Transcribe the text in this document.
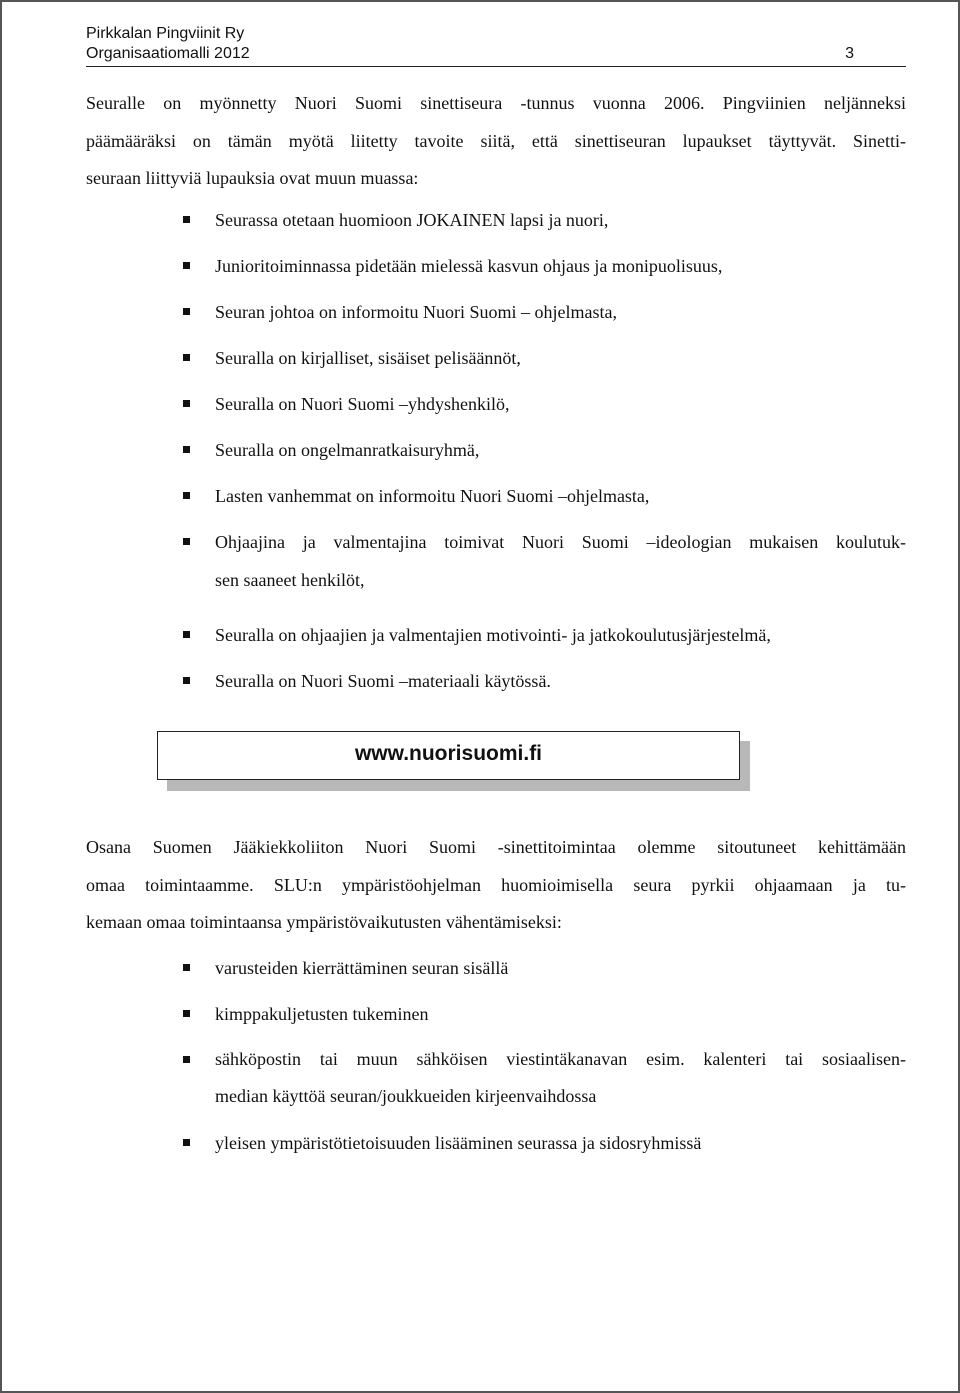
Pirkkalan Pingviinit Ry
Organisaatiomalli 2012	3
Seuralle on myönnetty Nuori Suomi sinettiseura -tunnus vuonna 2006. Pingviinien neljänneksi
päämääräksi on tämän myötä liitetty tavoite siitä, että sinettiseuran lupaukset täyttyvät. Sinetti-
seuraan liittyviä lupauksia ovat muun muassa:
Seurassa otetaan huomioon JOKAINEN lapsi ja nuori,
Junioritoiminnassa pidetään mielessä kasvun ohjaus ja monipuolisuus,
Seuran johtoa on informoitu Nuori Suomi – ohjelmasta,
Seuralla on kirjalliset, sisäiset pelisäännöt,
Seuralla on Nuori Suomi –yhdyshenkilö,
Seuralla on ongelmanratkaisuryhmä,
Lasten vanhemmat on informoitu Nuori Suomi –ohjelmasta,
Ohjaajina ja valmentajina toimivat Nuori Suomi –ideologian mukaisen koulutuk-
sen saaneet henkilöt,
Seuralla on ohjaajien ja valmentajien motivointi- ja jatkokoulutusjärjestelmä,
Seuralla on Nuori Suomi –materiaali käytössä.
www.nuorisuomi.fi
Osana Suomen Jääkiekkoliiton Nuori Suomi -sinettitoimintaa olemme sitoutuneet kehittämään
omaa toimintaamme. SLU:n ympäristöohjelman huomioimisella seura pyrkii ohjaamaan ja tu-
kemaan omaa toimintaansa ympäristövaikutusten vähentämiseksi:
varusteiden kierrättäminen seuran sisällä
kimppakuljetusten tukeminen
sähköpostin tai muun sähköisen viestintäkanavan esim. kalenteri tai sosiaalisen-
median käyttöä seuran/joukkueiden kirjeenvaihdossa
yleisen ympäristötietoisuuden lisääminen seurassa ja sidosryhmissä
